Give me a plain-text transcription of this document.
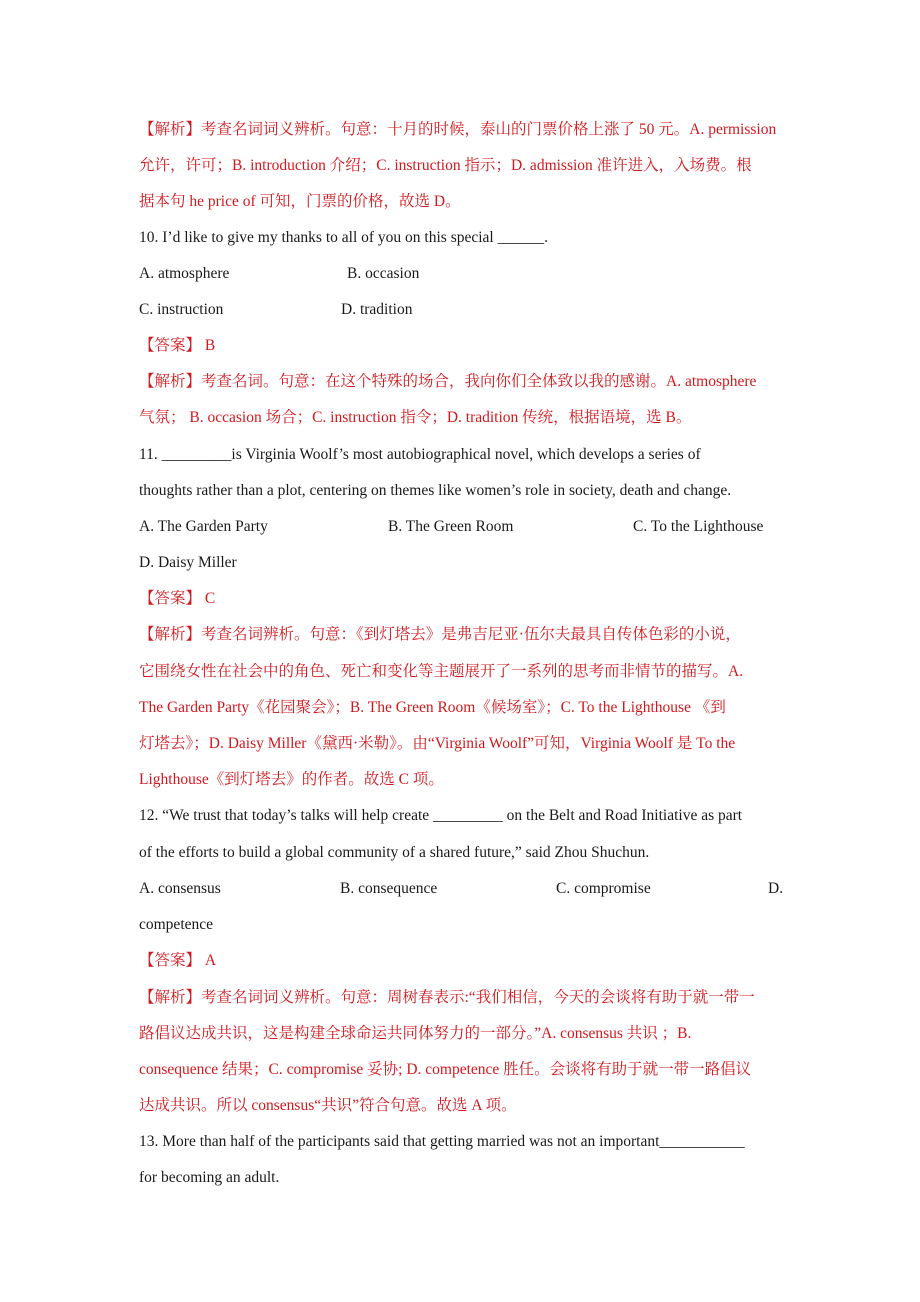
【解析】考查名词词义辨析。句意：十月的时候，泰山的门票价格上涨了 50 元。A. permission
允许，许可；B. introduction 介绍；C. instruction 指示；D. admission 准许进入，入场费。根
据本句 he price of 可知，门票的价格，故选 D。
10. I’d like to give my thanks to all of you on this special ______.
A. atmosphere	B. occasion
C. instruction	D. tradition
【答案】 B
【解析】考查名词。句意：在这个特殊的场合，我向你们全体致以我的感谢。A. atmosphere
气氛； B. occasion 场合；C. instruction 指令；D. tradition 传统，根据语境，选 B。
11. _________is Virginia Woolf’s most autobiographical novel, which develops a series of
thoughts rather than a plot, centering on themes like women’s role in society, death and change.
A. The Garden Party	B. The Green Room	C. To the Lighthouse
D. Daisy Miller
【答案】 C
【解析】考查名词辨析。句意：《到灯塔去》是弗吉尼亚·伍尔夫最具自传体色彩的小说，
它围绕女性在社会中的角色、死亡和变化等主题展开了一系列的思考而非情节的描写。A.
The Garden Party《花园聚会》；B. The Green Room《候场室》；C. To the Lighthouse 《到
灯塔去》；D. Daisy Miller《黛西·米勒》。由“Virginia Woolf”可知，Virginia Woolf 是 To the
Lighthouse《到灯塔去》的作者。故选 C 项。
12. “We trust that today’s talks will help create _________ on the Belt and Road Initiative as part
of the efforts to build a global community of a shared future,” said Zhou Shuchun.
A. consensus	B. consequence	C. compromise	D.
competence
【答案】 A
【解析】考查名词词义辨析。句意：周树春表示:“我们相信，今天的会谈将有助于就一带一
路倡议达成共识，这是构建全球命运共同体努力的一部分。”A. consensus 共识 ；B.
consequence 结果；C. compromise 妥协; D. competence 胜任。会谈将有助于就一带一路倡议
达成共识。所以 consensus“共识”符合句意。故选 A 项。
13. More than half of the participants said that getting married was not an important___________
for becoming an adult.
